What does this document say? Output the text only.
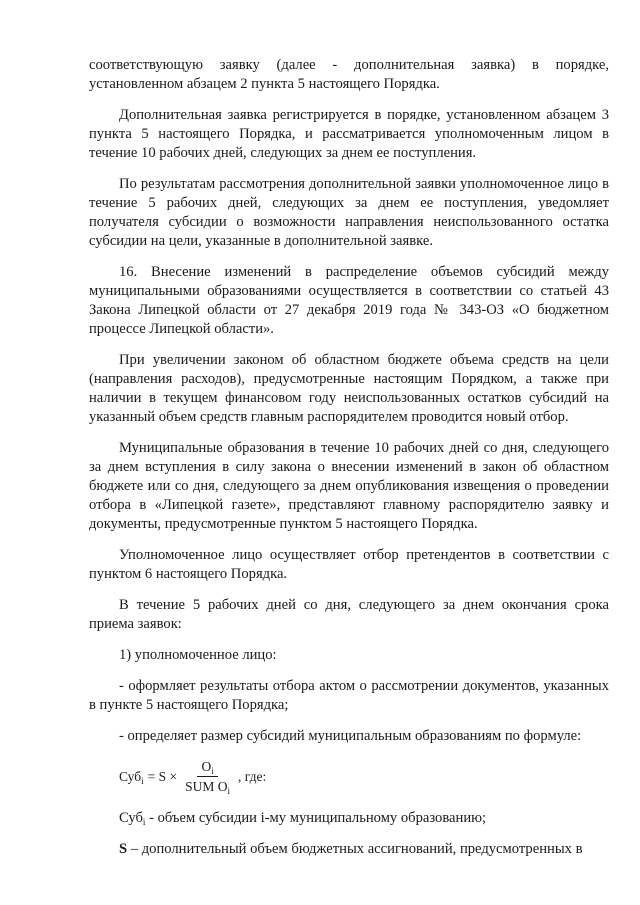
соответствующую заявку (далее - дополнительная заявка) в порядке, установленном абзацем 2 пункта 5 настоящего Порядка.

Дополнительная заявка регистрируется в порядке, установленном абзацем 3 пункта 5 настоящего Порядка, и рассматривается уполномоченным лицом в течение 10 рабочих дней, следующих за днем ее поступления.

По результатам рассмотрения дополнительной заявки уполномоченное лицо в течение 5 рабочих дней, следующих за днем ее поступления, уведомляет получателя субсидии о возможности направления неиспользованного остатка субсидии на цели, указанные в дополнительной заявке.

16. Внесение изменений в распределение объемов субсидий между муниципальными образованиями осуществляется в соответствии со статьей 43 Закона Липецкой области от 27 декабря 2019 года № 343-ОЗ «О бюджетном процессе Липецкой области».

При увеличении законом об областном бюджете объема средств на цели (направления расходов), предусмотренные настоящим Порядком, а также при наличии в текущем финансовом году неиспользованных остатков субсидий на указанный объем средств главным распорядителем проводится новый отбор.

Муниципальные образования в течение 10 рабочих дней со дня, следующего за днем вступления в силу закона о внесении изменений в закон об областном бюджете или со дня, следующего за днем опубликования извещения о проведении отбора в «Липецкой газете», представляют главному распорядителю заявку и документы, предусмотренные пунктом 5 настоящего Порядка.

Уполномоченное лицо осуществляет отбор претендентов в соответствии с пунктом 6 настоящего Порядка.

В течение 5 рабочих дней со дня, следующего за днем окончания срока приема заявок:

1) уполномоченное лицо:

- оформляет результаты отбора актом о рассмотрении документов, указанных в пункте 5 настоящего Порядка;

- определяет размер субсидий муниципальным образованиям по формуле:

$Суб_i = S \times \frac{O_i}{SUM O_i}$ , где:

Суб$_i$ - объем субсидии i-му муниципальному образованию;

S – дополнительный объем бюджетных ассигнований, предусмотренных в
